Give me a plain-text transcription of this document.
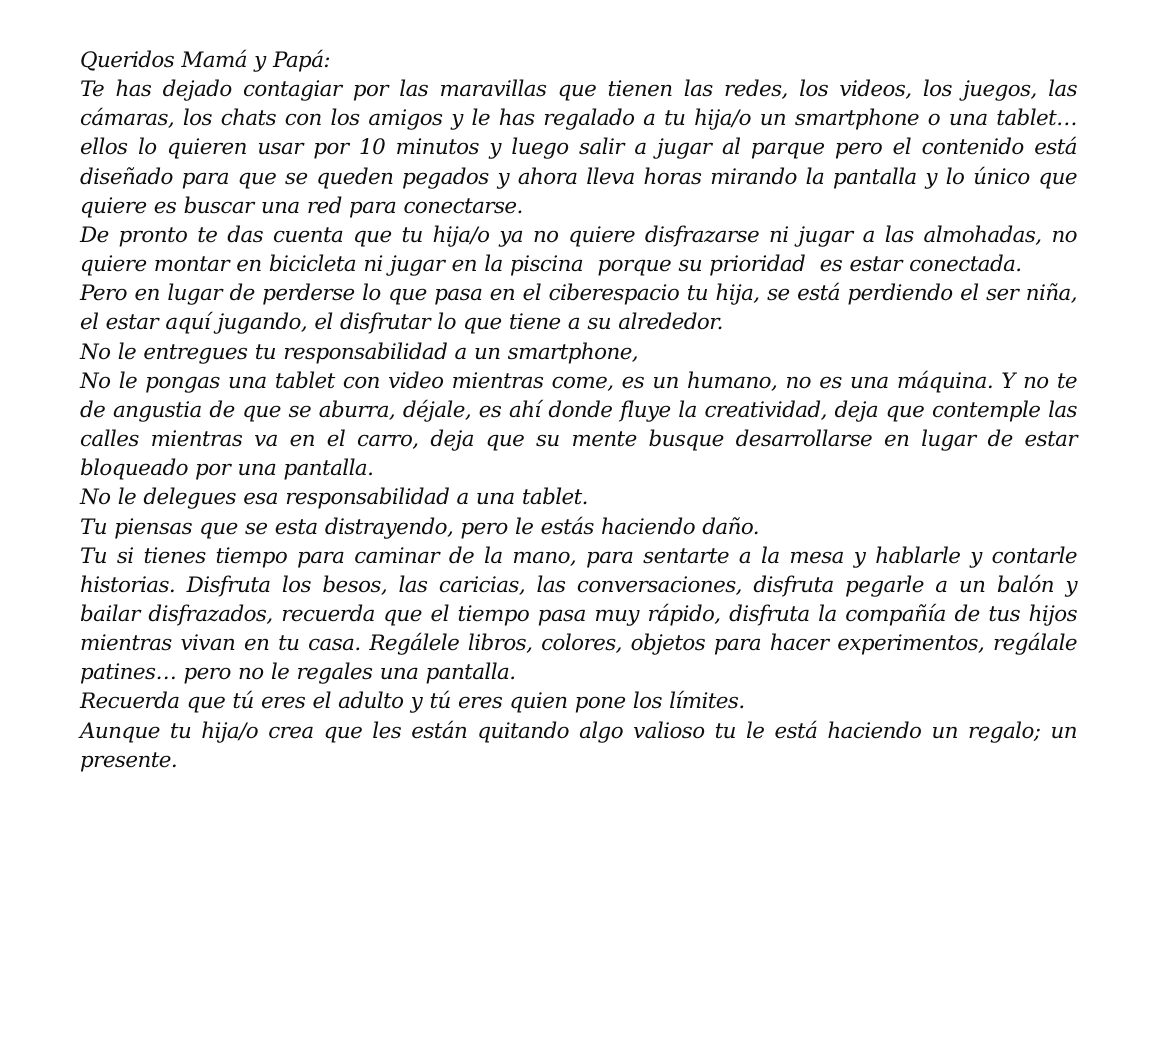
Queridos Mamá y Papá:

Te has dejado contagiar por las maravillas que tienen las redes, los videos, los juegos, las cámaras, los chats con los amigos y le has regalado a tu hija/o un smartphone o una tablet… ellos lo quieren usar por 10 minutos y luego salir a jugar al parque pero el contenido está diseñado para que se queden pegados y ahora lleva horas mirando la pantalla y lo único que quiere es buscar una red para conectarse.

De pronto te das cuenta que tu hija/o ya no quiere disfrazarse ni jugar a las almohadas, no quiere montar en bicicleta ni jugar en la piscina  porque su prioridad  es estar conectada.

Pero en lugar de perderse lo que pasa en el ciberespacio tu hija, se está perdiendo el ser niña, el estar aquí jugando, el disfrutar lo que tiene a su alrededor.

No le entregues tu responsabilidad a un smartphone,

No le pongas una tablet con video mientras come, es un humano, no es una máquina. Y no te de angustia de que se aburra, déjale, es ahí donde fluye la creatividad, deja que contemple las calles mientras va en el carro, deja que su mente busque desarrollarse en lugar de estar bloqueado por una pantalla.

No le delegues esa responsabilidad a una tablet.

Tu piensas que se esta distrayendo, pero le estás haciendo daño.

Tu si tienes tiempo para caminar de la mano, para sentarte a la mesa y hablarle y contarle historias. Disfruta los besos, las caricias, las conversaciones, disfruta pegarle a un balón y bailar disfrazados, recuerda que el tiempo pasa muy rápido, disfruta la compañía de tus hijos mientras vivan en tu casa. Regálele libros, colores, objetos para hacer experimentos, regálale patines… pero no le regales una pantalla.

Recuerda que tú eres el adulto y tú eres quien pone los límites.

Aunque tu hija/o crea que les están quitando algo valioso tu le está haciendo un regalo; un presente.
